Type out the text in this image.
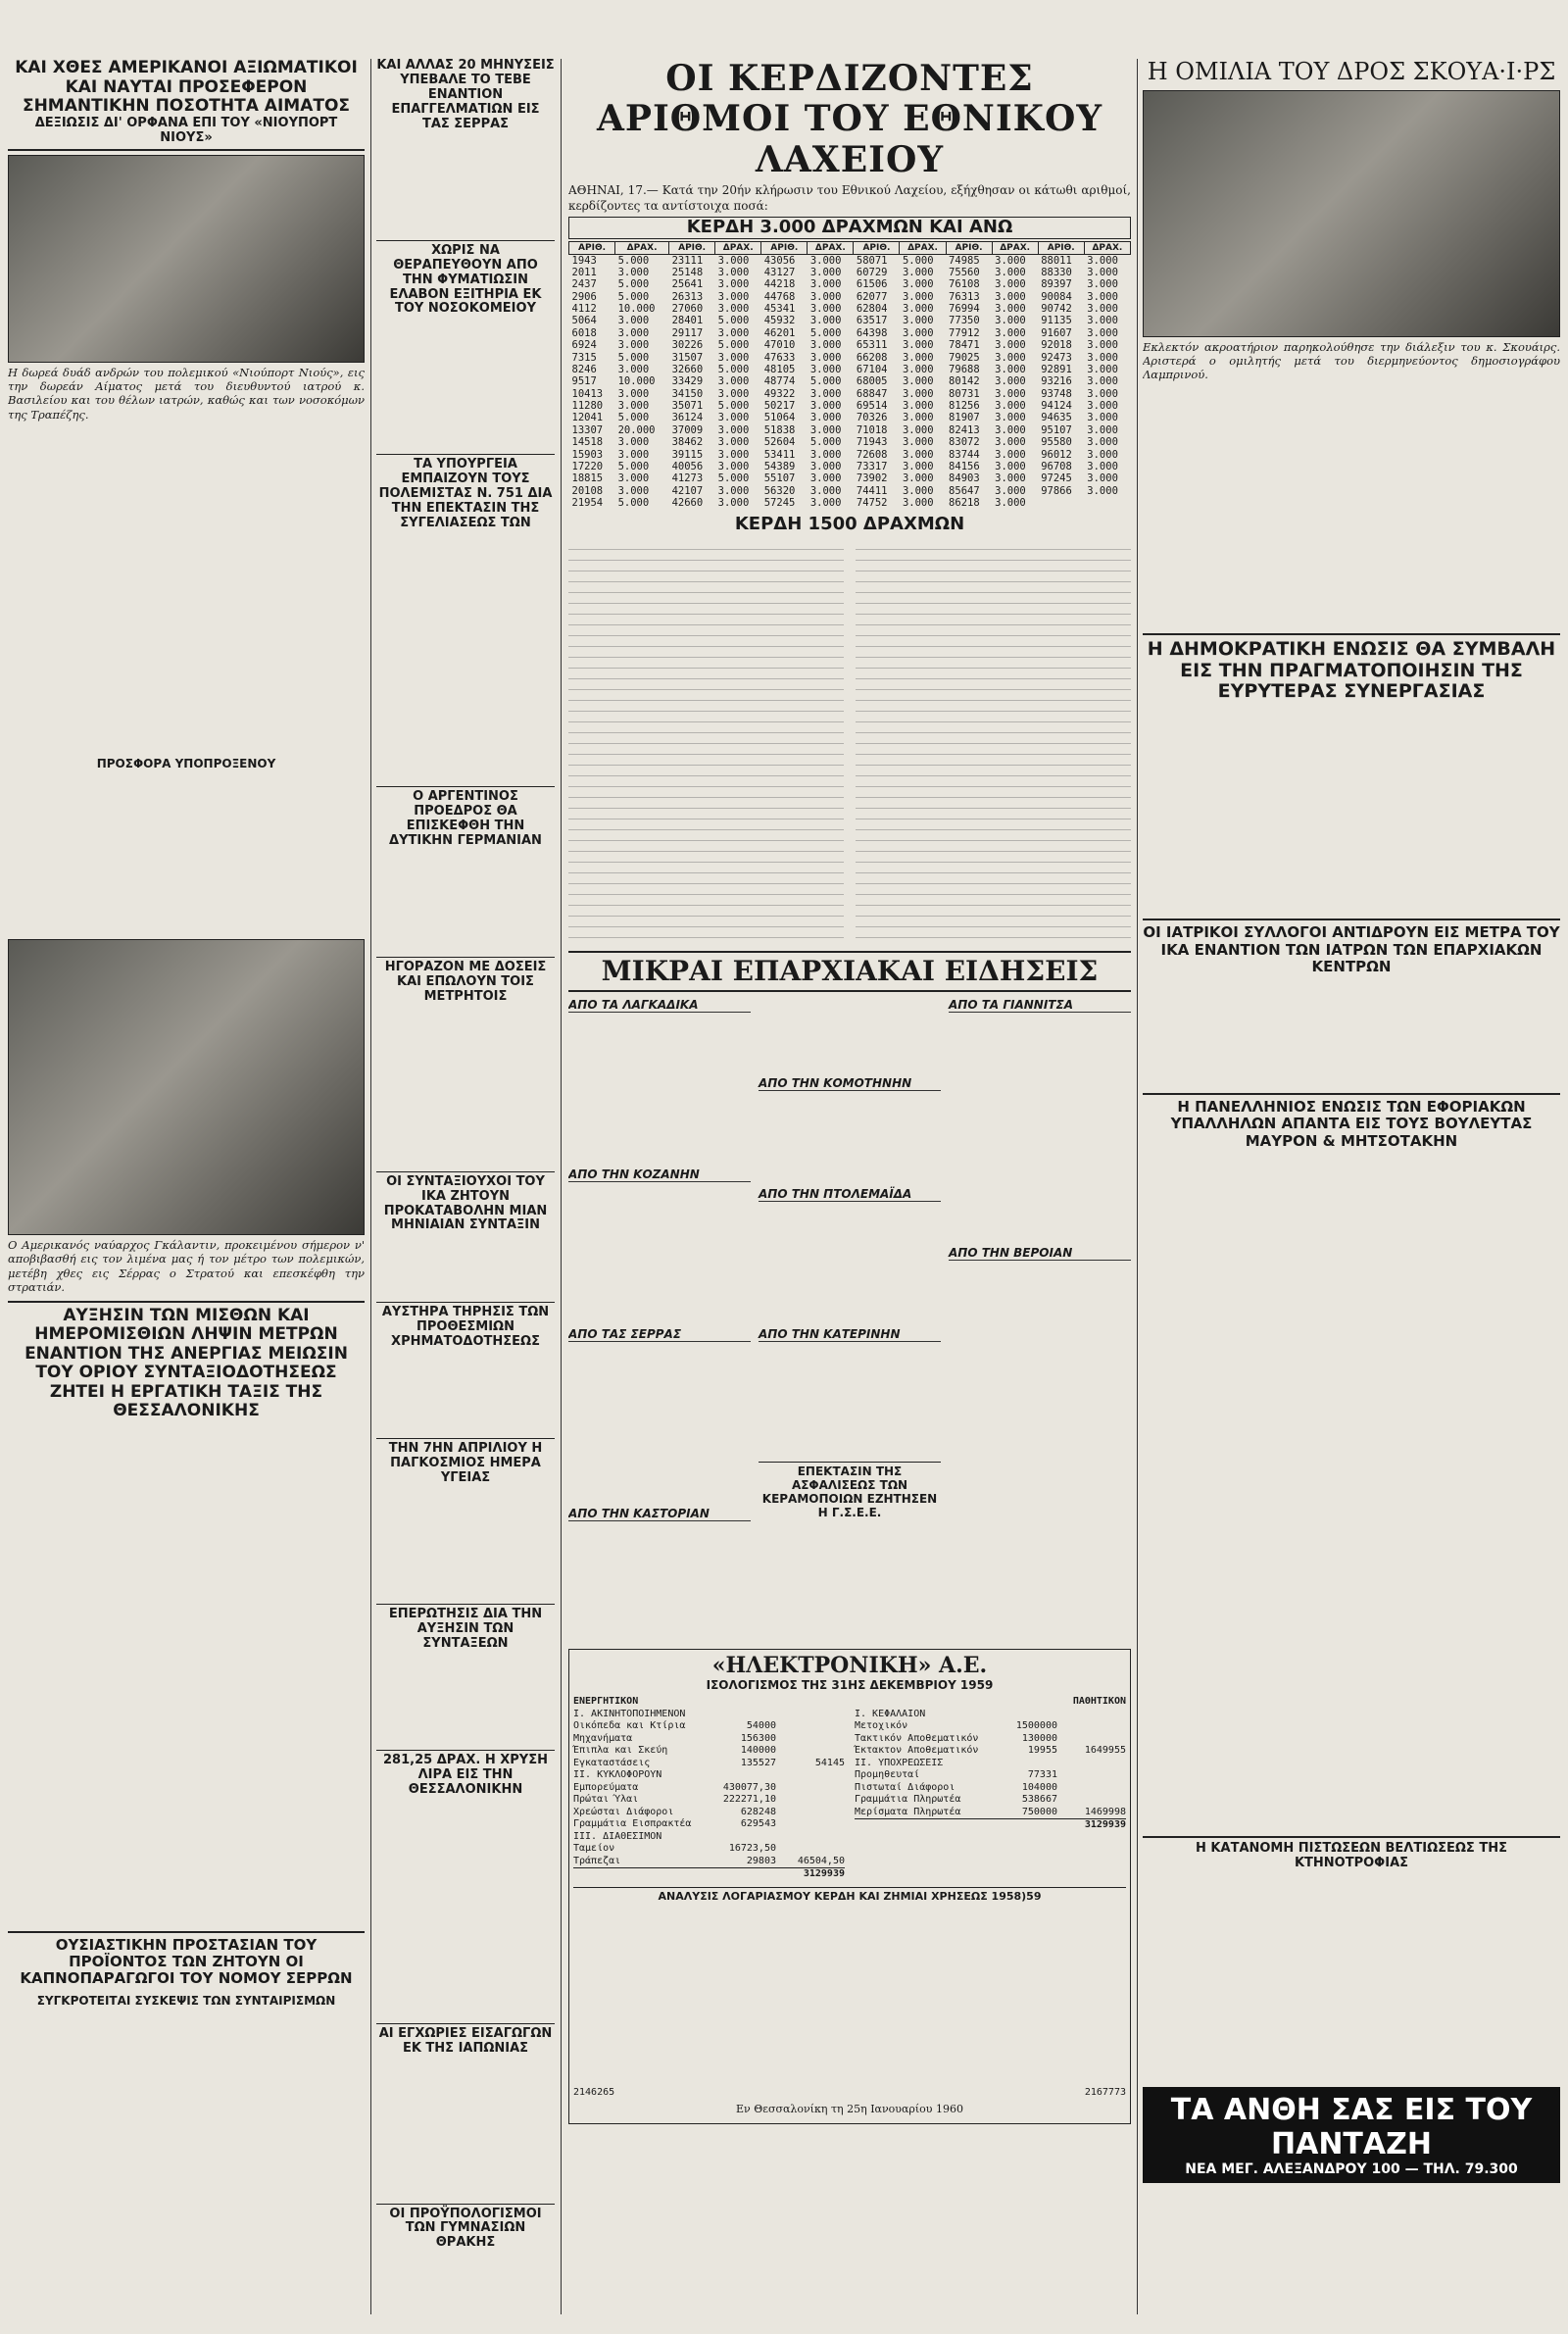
ΚΑΙ ΧΘΕΣ ΑΜΕΡΙΚΑΝΟΙ ΑΞΙΩΜΑΤΙΚΟΙ ΚΑΙ ΝΑΥΤΑΙ ΠΡΟΣΕΦΕΡΟΝ ΣΗΜΑΝΤΙΚΗΝ ΠΟΣΟΤΗΤΑ ΑΙΜΑΤΟΣ
ΔΕΞΙΩΣΙΣ ΔΙ' ΟΡΦΑΝΑ ΕΠΙ ΤΟΥ «ΝΙΟΥΠΟΡΤ ΝΙΟΥΣ»
Η δωρεά δυάδ ανδρών του πολεμικού «Νιούπορτ Νιούς», εις την δωρεάν Αίματος μετά του διευθυντού ιατρού κ. Βασιλείου και του θέλων ιατρών, καθώς και των νοσοκόμων της Τραπέζης.

ΠΡΟΣΦΟΡΑ ΥΠΟΠΡΟΞΕΝΟΥ

Ο Αμερικανός ναύαρχος Γκάλαντιν, προκειμένου σήμερον ν' αποβιβασθή εις τον λιμένα μας ή τον μέτρο των πολεμικών, μετέβη χθες εις Σέρρας ο Στρατού και επεσκέφθη την στρατιάν.
ΑΥΞΗΣΙΝ ΤΩΝ ΜΙΣΘΩΝ ΚΑΙ ΗΜΕΡΟΜΙΣΘΙΩΝ ΛΗΨΙΝ ΜΕΤΡΩΝ ΕΝΑΝΤΙΟΝ ΤΗΣ ΑΝΕΡΓΙΑΣ ΜΕΙΩΣΙΝ ΤΟΥ ΟΡΙΟΥ ΣΥΝΤΑΞΙΟΔΟΤΗΣΕΩΣ ΖΗΤΕΙ Η ΕΡΓΑΤΙΚΗ ΤΑΞΙΣ ΤΗΣ ΘΕΣΣΑΛΟΝΙΚΗΣ

ΟΥΣΙΑΣΤΙΚΗΝ ΠΡΟΣΤΑΣΙΑΝ ΤΟΥ ΠΡΟΪΟΝΤΟΣ ΤΩΝ ΖΗΤΟΥΝ ΟΙ ΚΑΠΝΟΠΑΡΑΓΩΓΟΙ ΤΟΥ ΝΟΜΟΥ ΣΕΡΡΩΝ
ΣΥΓΚΡΟΤΕΙΤΑΙ ΣΥΣΚΕΨΙΣ ΤΩΝ ΣΥΝΤΑΙΡΙΣΜΩΝ
ΚΑΙ ΑΛΛΑΣ 20 ΜΗΝΥΣΕΙΣ ΥΠΕΒΑΛΕ ΤΟ ΤΕΒΕ ΕΝΑΝΤΙΟΝ ΕΠΑΓΓΕΛΜΑΤΙΩΝ ΕΙΣ ΤΑΣ ΣΕΡΡΑΣ

ΧΩΡΙΣ ΝΑ ΘΕΡΑΠΕΥΘΟΥΝ ΑΠΟ ΤΗΝ ΦΥΜΑΤΙΩΣΙΝ ΕΛΑΒΟΝ ΕΞΙΤΗΡΙΑ ΕΚ ΤΟΥ ΝΟΣΟΚΟΜΕΙΟΥ

ΤΑ ΥΠΟΥΡΓΕΙΑ ΕΜΠΑΙΖΟΥΝ ΤΟΥΣ ΠΟΛΕΜΙΣΤΑΣ Ν. 751 ΔΙΑ ΤΗΝ ΕΠΕΚΤΑΣΙΝ ΤΗΣ ΣΥΓΕΛΙΑΣΕΩΣ ΤΩΝ

Ο ΑΡΓΕΝΤΙΝΟΣ ΠΡΟΕΔΡΟΣ ΘΑ ΕΠΙΣΚΕΦΘΗ ΤΗΝ ΔΥΤΙΚΗΝ ΓΕΡΜΑΝΙΑΝ

ΗΓΟΡΑΖΟΝ ΜΕ ΔΟΣΕΙΣ ΚΑΙ ΕΠΩΛΟΥΝ ΤΟΙΣ ΜΕΤΡΗΤΟΙΣ

ΟΙ ΣΥΝΤΑΞΙΟΥΧΟΙ ΤΟΥ ΙΚΑ ΖΗΤΟΥΝ ΠΡΟΚΑΤΑΒΟΛΗΝ ΜΙΑΝ ΜΗΝΙΑΙΑΝ ΣΥΝΤΑΞΙΝ

ΑΥΣΤΗΡΑ ΤΗΡΗΣΙΣ ΤΩΝ ΠΡΟΘΕΣΜΙΩΝ ΧΡΗΜΑΤΟΔΟΤΗΣΕΩΣ

ΤΗΝ 7ΗΝ ΑΠΡΙΛΙΟΥ Η ΠΑΓΚΟΣΜΙΟΣ ΗΜΕΡΑ ΥΓΕΙΑΣ

ΕΠΕΡΩΤΗΣΙΣ ΔΙΑ ΤΗΝ ΑΥΞΗΣΙΝ ΤΩΝ ΣΥΝΤΑΞΕΩΝ

281,25 ΔΡΑΧ. Η ΧΡΥΣΗ ΛΙΡΑ ΕΙΣ ΤΗΝ ΘΕΣΣΑΛΟΝΙΚΗΝ

ΑΙ ΕΓΧΩΡΙΕΣ ΕΙΣΑΓΩΓΩΝ ΕΚ ΤΗΣ ΙΑΠΩΝΙΑΣ

ΟΙ ΠΡΟΫΠΟΛΟΓΙΣΜΟΙ ΤΩΝ ΓΥΜΝΑΣΙΩΝ ΘΡΑΚΗΣ
ΟΙ ΚΕΡΔΙΖΟΝΤΕΣ ΑΡΙΘΜΟΙ ΤΟΥ ΕΘΝΙΚΟΥ ΛΑΧΕΙΟΥ
ΑΘΗΝΑΙ, 17.— Κατά την 20ήν κλήρωσιν του Εθνικού Λαχείου, εξήχθησαν οι κάτωθι αριθμοί, κερδίζοντες τα αντίστοιχα ποσά:
ΚΕΡΔΗ 3.000 ΔΡΑΧΜΩΝ ΚΑΙ ΑΝΩ
ΑΡΙΘ.	ΔΡΑΧ.	ΑΡΙΘ.	ΔΡΑΧ.	ΑΡΙΘ.	ΔΡΑΧ.	ΑΡΙΘ.	ΔΡΑΧ.	ΑΡΙΘ.	ΔΡΑΧ.	ΑΡΙΘ.	ΔΡΑΧ.
1943	5.000	23111	3.000	43056	3.000	58071	5.000	74985	3.000	88011	3.000
2011	3.000	25148	3.000	43127	3.000	60729	3.000	75560	3.000	88330	3.000
2437	5.000	25641	3.000	44218	3.000	61506	3.000	76108	3.000	89397	3.000
2906	5.000	26313	3.000	44768	3.000	62077	3.000	76313	3.000	90084	3.000
4112	10.000	27060	3.000	45341	3.000	62804	3.000	76994	3.000	90742	3.000
5064	3.000	28401	5.000	45932	3.000	63517	3.000	77350	3.000	91135	3.000
6018	3.000	29117	3.000	46201	5.000	64398	3.000	77912	3.000	91607	3.000
6924	3.000	30226	5.000	47010	3.000	65311	3.000	78471	3.000	92018	3.000
7315	5.000	31507	3.000	47633	3.000	66208	3.000	79025	3.000	92473	3.000
8246	3.000	32660	5.000	48105	3.000	67104	3.000	79688	3.000	92891	3.000
9517	10.000	33429	3.000	48774	5.000	68005	3.000	80142	3.000	93216	3.000
10413	3.000	34150	3.000	49322	3.000	68847	3.000	80731	3.000	93748	3.000
11280	3.000	35071	5.000	50217	3.000	69514	3.000	81256	3.000	94124	3.000
12041	5.000	36124	3.000	51064	3.000	70326	3.000	81907	3.000	94635	3.000
13307	20.000	37009	3.000	51838	3.000	71018	3.000	82413	3.000	95107	3.000
14518	3.000	38462	3.000	52604	5.000	71943	3.000	83072	3.000	95580	3.000
15903	3.000	39115	3.000	53411	3.000	72608	3.000	83744	3.000	96012	3.000
17220	5.000	40056	3.000	54389	3.000	73317	3.000	84156	3.000	96708	3.000
18815	3.000	41273	5.000	55107	3.000	73902	3.000	84903	3.000	97245	3.000
20108	3.000	42107	3.000	56320	3.000	74411	3.000	85647	3.000	97866	3.000
21954	5.000	42660	3.000	57245	3.000	74752	3.000	86218	3.000		
ΚΕΡΔΗ 1500 ΔΡΑΧΜΩΝ
ΜΙΚΡΑΙ ΕΠΑΡΧΙΑΚΑΙ ΕΙΔΗΣΕΙΣ
ΑΠΟ ΤΑ ΛΑΓΚΑΔΙΚΑ

ΑΠΟ ΤΗΝ ΚΟΖΑΝΗΝ

ΑΠΟ ΤΑΣ ΣΕΡΡΑΣ

ΑΠΟ ΤΗΝ ΚΑΣΤΟΡΙΑΝ

ΑΠΟ ΤΗΝ ΚΟΜΟΤΗΝΗΝ

ΑΠΟ ΤΗΝ ΠΤΟΛΕΜΑΪΔΑ

ΑΠΟ ΤΗΝ ΚΑΤΕΡΙΝΗΝ

ΕΠΕΚΤΑΣΙΝ ΤΗΣ ΑΣΦΑΛΙΣΕΩΣ ΤΩΝ ΚΕΡΑΜΟΠΟΙΩΝ ΕΖΗΤΗΣΕΝ Η Γ.Σ.Ε.Ε.
ΑΠΟ ΤΑ ΓΙΑΝΝΙΤΣΑ

ΑΠΟ ΤΗΝ ΒΕΡΟΙΑΝ

«ΗΛΕΚΤΡΟΝΙΚΗ» Α.Ε.
ΙΣΟΛΟΓΙΣΜΟΣ ΤΗΣ 31ΗΣ ΔΕΚΕΜΒΡΙΟΥ 1959
ΕΝΕΡΓΗΤΙΚΟΝ
Ι. ΑΚΙΝΗΤΟΠΟΙΗΜΕΝΟΝ
Οικόπεδα και Κτίρια	54000
Μηχανήματα	156300
Έπιπλα και Σκεύη	140000
Εγκαταστάσεις	135527	54145
ΙΙ. ΚΥΚΛΟΦΟΡΟΥΝ
Εμπορεύματα	430077,30
Πρώται Ύλαι	222271,10
Χρεώσται Διάφοροι	628248
Γραμμάτια Εισπρακτέα	629543
ΙΙΙ. ΔΙΑΘΕΣΙΜΟΝ
Ταμείον	16723,50
Τράπεζαι	29803	46504,50
3129939
ΠΑΘΗΤΙΚΟΝ
Ι. ΚΕΦΑΛΑΙΟΝ
Μετοχικόν	1500000
Τακτικόν Αποθεματικόν	130000
Έκτακτον Αποθεματικόν	19955	1649955
ΙΙ. ΥΠΟΧΡΕΩΣΕΙΣ
Προμηθευταί	77331
Πιστωταί Διάφοροι	104000
Γραμμάτια Πληρωτέα	538667
Μερίσματα Πληρωτέα	750000	1469998
3129939
ΑΝΑΛΥΣΙΣ ΛΟΓΑΡΙΑΣΜΟΥ ΚΕΡΔΗ ΚΑΙ ΖΗΜΙΑΙ ΧΡΗΣΕΩΣ 1958)59
2146265	2167773
Εν Θεσσαλονίκη τη 25η Ιανουαρίου 1960
Η ΟΜΙΛΙΑ ΤΟΥ ΔΡΟΣ ΣΚΟΥΑ·Ι·ΡΣ
Εκλεκτόν ακροατήριον παρηκολούθησε την διάλεξιν του κ. Σκουάιρς. Αριστερά ο ομιλητής μετά του διερμηνεύοντος δημοσιογράφου Λαμπρινού.

Η ΔΗΜΟΚΡΑΤΙΚΗ ΕΝΩΣΙΣ ΘΑ ΣΥΜΒΑΛΗ ΕΙΣ ΤΗΝ ΠΡΑΓΜΑΤΟΠΟΙΗΣΙΝ ΤΗΣ ΕΥΡΥΤΕΡΑΣ ΣΥΝΕΡΓΑΣΙΑΣ

ΟΙ ΙΑΤΡΙΚΟΙ ΣΥΛΛΟΓΟΙ ΑΝΤΙΔΡΟΥΝ ΕΙΣ ΜΕΤΡΑ ΤΟΥ ΙΚΑ ΕΝΑΝΤΙΟΝ ΤΩΝ ΙΑΤΡΩΝ ΤΩΝ ΕΠΑΡΧΙΑΚΩΝ ΚΕΝΤΡΩΝ

Η ΠΑΝΕΛΛΗΝΙΟΣ ΕΝΩΣΙΣ ΤΩΝ ΕΦΟΡΙΑΚΩΝ ΥΠΑΛΛΗΛΩΝ ΑΠΑΝΤΑ ΕΙΣ ΤΟΥΣ ΒΟΥΛΕΥΤΑΣ ΜΑΥΡΟΝ & ΜΗΤΣΟΤΑΚΗΝ

Η ΚΑΤΑΝΟΜΗ ΠΙΣΤΩΣΕΩΝ ΒΕΛΤΙΩΣΕΩΣ ΤΗΣ ΚΤΗΝΟΤΡΟΦΙΑΣ

ΤΑ ΑΝΘΗ ΣΑΣ ΕΙΣ ΤΟΥ ΠΑΝΤΑΖΗ
ΝΕΑ ΜΕΓ. ΑΛΕΞΑΝΔΡΟΥ 100 — ΤΗΛ. 79.300
